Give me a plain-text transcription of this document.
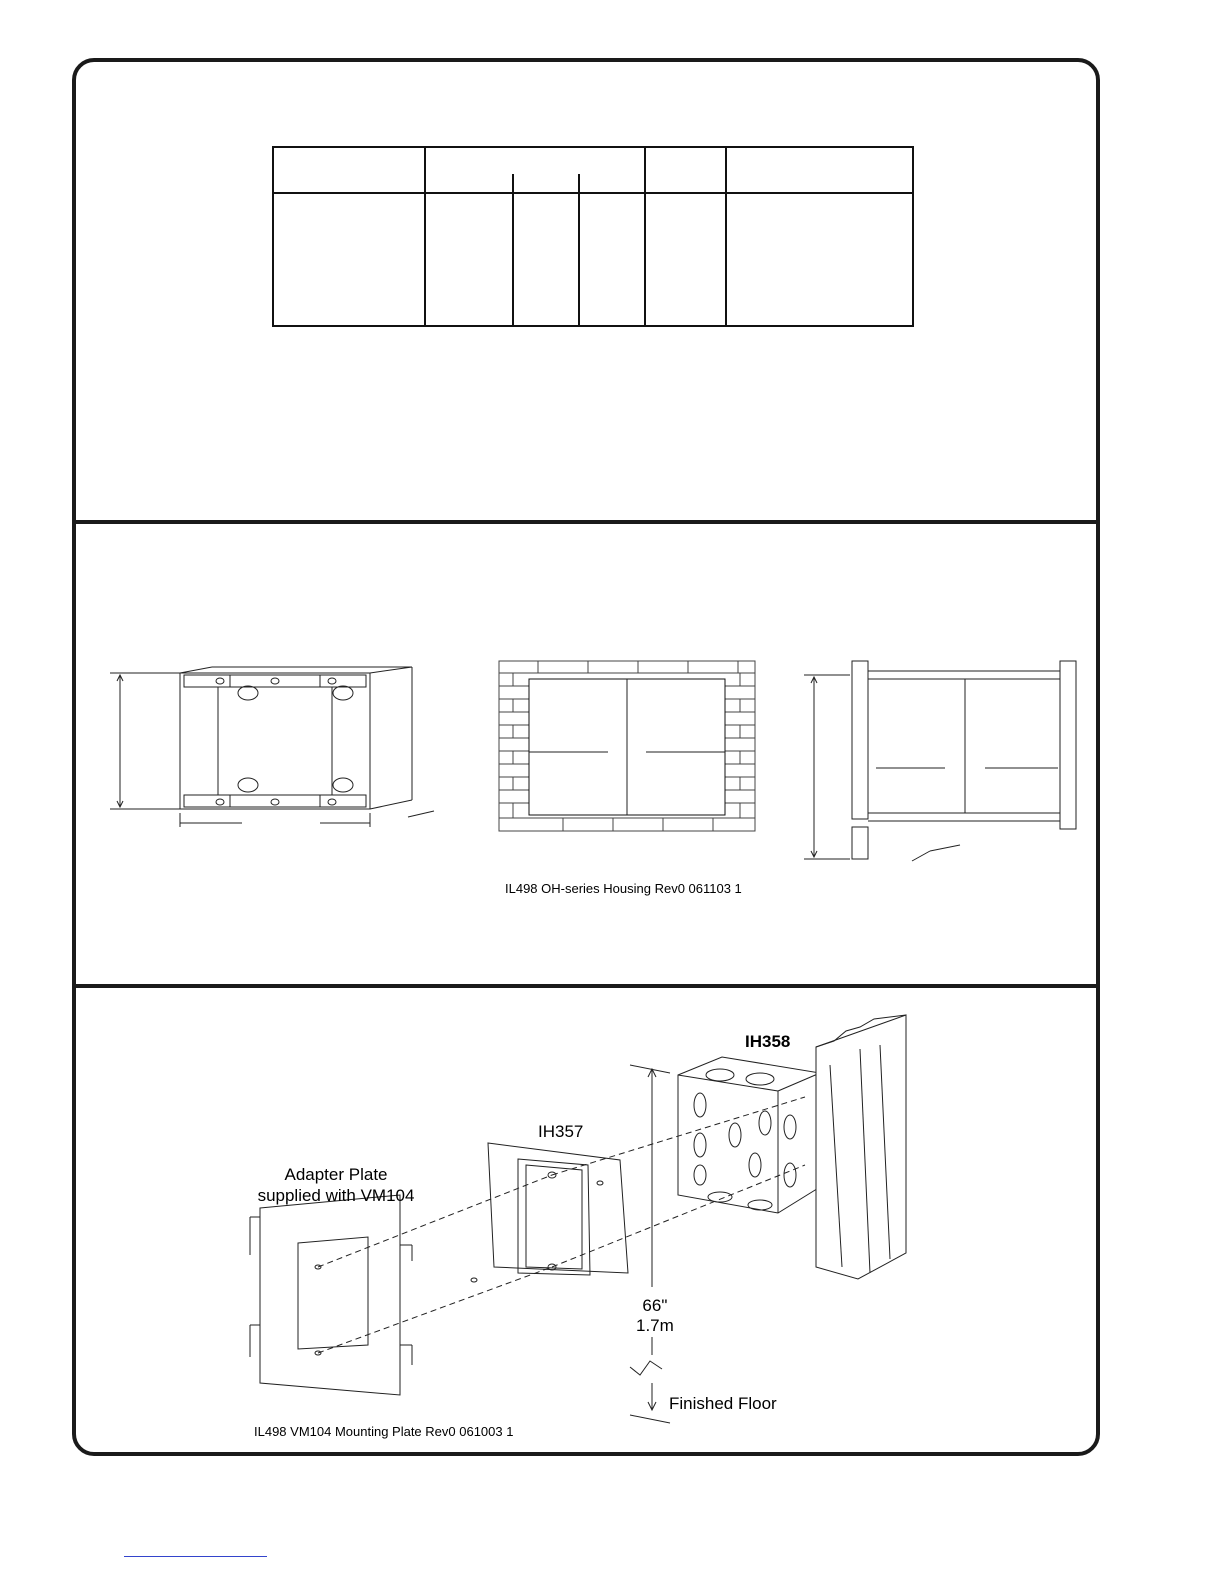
IL498 OH-series Housing Rev0 061103 1
IH358
IH357
Adapter Plate
supplied with VM104
66"
1.7m
Finished Floor
IL498 VM104 Mounting Plate Rev0 061003 1
